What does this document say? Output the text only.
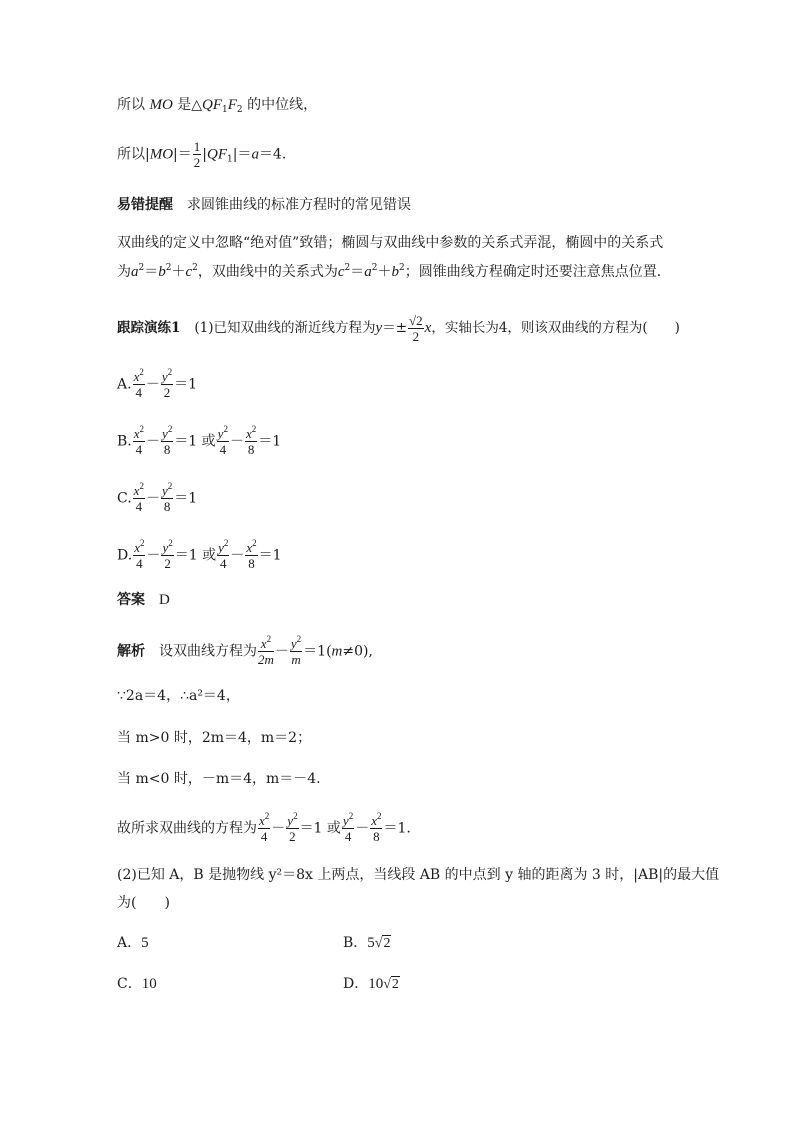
所以 MO 是$\triangle QF_1F_2$ 的中位线，
所以$|MO|= \frac{1}{2} |QF_1|=a=4$.
易错提醒 求圆锥曲线的标准方程时的常见错误
双曲线的定义中忽略“绝对值”致错；椭圆与双曲线中参数的关系式弄混，椭圆中的关系式
为$a^2=b^2+c^2$，双曲线中的关系式为$c^2=a^2+b^2$；圆锥曲线方程确定时还要注意焦点位置．
跟踪演练1 (1)已知双曲线的渐近线方程为$y=\pm \frac{√2}{2}$ x，实轴长为4，则该双曲线的方程为(　　)
A. $\frac{x^2}{4} - \frac{y^2}{2} =1$
B. $\frac{x^2}{4} - \frac{y^2}{8} =1$ 或 $\frac{y^2}{4} - \frac{x^2}{8} =1$
C. $\frac{x^2}{4} - \frac{y^2}{8} =1$
D. $\frac{x^2}{4} - \frac{y^2}{2} =1$ 或 $\frac{y^2}{4} - \frac{x^2}{8} =1$
答案 D
解析 设双曲线方程为 $\frac{x^2}{2m} - \frac{y^2}{m} =1(m\ne 0)$,
∵2a＝4，∴a²＝4，
当 m>0 时，2m＝4，m＝2；
当 m<0 时，－m＝4，m＝－4.
故所求双曲线的方程为 $\frac{x^2}{4} - \frac{y^2}{2} =1$ 或 $\frac{y^2}{4} - \frac{x^2}{8} =1$.
(2)已知 A，B 是抛物线 y²＝8x 上两点，当线段 AB 的中点到 y 轴的距离为 3 时，|AB|的最大值
为(　　)
A．5	B．5√2
C．10	D．10√2
